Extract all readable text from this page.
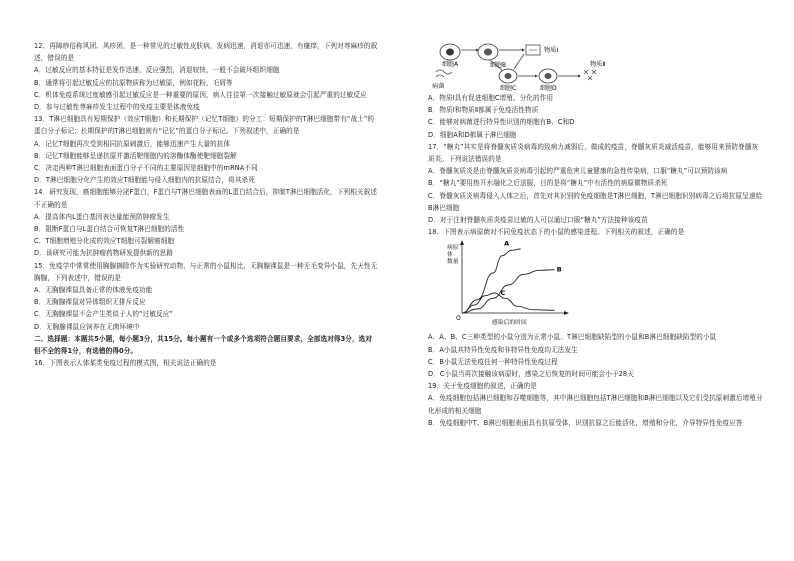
12、再障痧俗称风团、风疹团，是一种常见的过敏性皮肤病，发病迅速，消退亦可迅速，有瘙痒，下列对荨麻疹的叙述，错误的是

A．过敏反应的基本特征是发作迅速，反应强烈，消退较快，一般不会破坏组织细胞

B．通常将引起过敏反应的抗原物质称为过敏原，例如花粉，毛屑等

C．机体免疫系统过度敏感引起过敏反应是一种重要的原因，病人往往第一次接触过敏原就会引起严重的过敏反应

D．参与过敏性荨麻疹发生过程中的免疫主要是体液免疫

13．T淋巴细胞具有短期保护（效应T细胞）和长期保护（记忆T细胞）的分工：短期保护的T淋巴细胞带有“战士”的蛋白分子标记；长期保护的T淋巴细胞则有“记忆”的蛋白分子标记。下列叙述中，正确的是

A．记忆T细胞再次受到相同抗原刺激后，能够迅速产生大量的抗体

B．记忆T细胞能够呈递抗原并激活靶细胞内的溶酶体酶使靶细胞裂解

C．决定两种T淋巴细胞表面蛋白分子不同的主要原因是细胞中的mRNA不同

D．T淋巴细胞分化产生的效应T细胞能与侵入细胞内的抗原结合，将其杀死

14．研究发现，癌细胞能够分泌F蛋白，F蛋白与T淋巴细胞表面的L蛋白结合后，抑制T淋巴细胞活化，下列相关叙述不正确的是

A．提高体内L蛋白基因表达量能预防肿瘤发生

B．阻断F蛋白与L蛋白结合可恢复T淋巴细胞的活性

C．T细胞增殖分化成的效应T细胞可裂解癌细胞

D．该研究可能为抗肿瘤药物研发提供新的思路

15．免疫学中常常使用胸腺摘除作为实验研究动物，与正常的小鼠相比，无胸腺裸鼠是一种无毛变异小鼠，先天性无胸腺，下列表述中，错误的是

A．无胸腺裸鼠具备正常的体液免疫功能

B．无胸腺裸鼠对异体组织无排斥反应

C．无胸腺裸鼠不会产生类似于人的“过敏反应”

D．无胸腺裸鼠应饲养在无菌环境中

二、选择题：本题共5小题，每小题3分，共15分。每小题有一个或多个选项符合题目要求，全部选对得3分，选对但不全的得1分，有选错的得0分。

16．下图表示人体某类免疫过程的模式图，相关说法正确的是

物质Ⅰ
物质Ⅱ
病菌
细胞A	细胞B
细胞C	细胞D

A．物质Ⅰ具有促进细胞C增殖、分化的作用

B．物质Ⅰ和物质Ⅱ都属于免疫活性物质

C．能够对病菌进行特异性识别的细胞有B、C和D

D．细胞A和D都属于淋巴细胞

17．“糖丸”其实是将脊髓灰质炎病毒的致病力减弱后，做成的疫苗，脊髓灰质炎减活疫苗，能够用来预防脊髓灰质炎。下列说法错误的是

A．脊髓灰质炎是由脊髓灰质炎病毒引起的严重危害儿童健康的急性传染病，口服“糖丸”可以预防该病

B．“糖丸”要用热开水融化之后送服，目的是将“糖丸”中有活性的病原微物质杀死

C．脊髓灰质炎病毒侵入人体之后，首先对其识别的免疫细胞是T淋巴细胞，T淋巴细胞识别病毒之后将抗原呈递给B淋巴细胞

D．对于注射脊髓灰质炎疫苗过敏的人可以通过口服“糖丸”方法接种该疫苗

18．下图表示病原菌对不同免疫状态下的小鼠的感染进程。下列相关的叙述，正确的是

病原
体
数量
O
感染后的时间
A
B
C

A．A、B、C三种类型的小鼠分别为正常小鼠、T淋巴细胞缺陷型的小鼠和B淋巴细胞缺陷型的小鼠

B．A小鼠其特异性免疫和非特异性免疫均无法发生

C．B小鼠无法免疫任何一种特异性免疫过程

D．C小鼠当再次接触该病原时，感染之后恢复的时间可能会小于28天

19．关于免疫细胞的叙述，正确的是

A．免疫细胞包括淋巴细胞和吞噬细胞等，其中淋巴细胞包括T淋巴细胞和B淋巴细胞以及它们受抗原刺激后增殖分化形成的相关细胞

B．免疫细胞中T、B淋巴细胞表面具有抗原受体，识别抗原之后能活化，增殖和分化，介导特异性免疫应答
